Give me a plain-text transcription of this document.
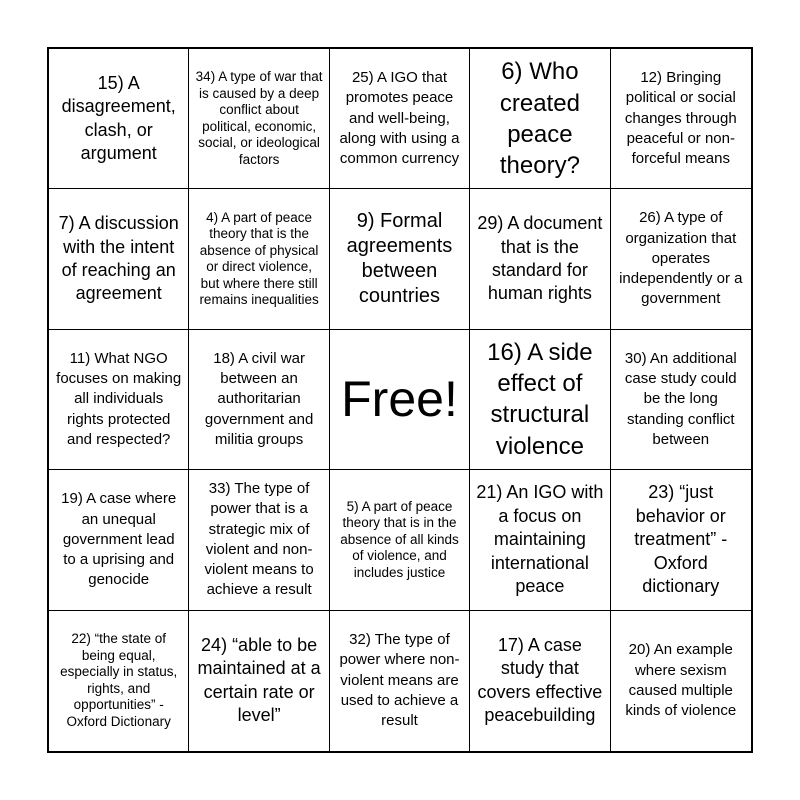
15) A disagreement, clash, or argument
34) A type of war that is caused by a deep conflict about political, economic, social, or ideological factors
25) A IGO that promotes peace and well-being, along with using a common currency
6) Who created peace theory?
12) Bringing political or social changes through peaceful or non-forceful means
7) A discussion with the intent of reaching an agreement
4) A part of peace theory that is the absence of physical or direct violence, but where there still remains inequalities
9) Formal agreements between countries
29) A document that is the standard for human rights
26) A type of organization that operates independently or a government
11) What NGO focuses on making all individuals rights protected and respected?
18) A civil war between an authoritarian government and militia groups
Free!
16) A side effect of structural violence
30) An additional case study could be the long standing conflict between
19) A case where an unequal government lead to a uprising and genocide
33) The type of power that is a strategic mix of violent and non-violent means to achieve a result
5) A part of peace theory that is in the absence of all kinds of violence, and includes justice
21) An IGO with a focus on maintaining international peace
23) “just behavior or treatment” - Oxford dictionary
22) “the state of being equal, especially in status, rights, and opportunities” - Oxford Dictionary
24) “able to be maintained at a certain rate or level”
32) The type of power where non-violent means are used to achieve a result
17) A case study that covers effective peacebuilding
20) An example where sexism caused multiple kinds of violence
